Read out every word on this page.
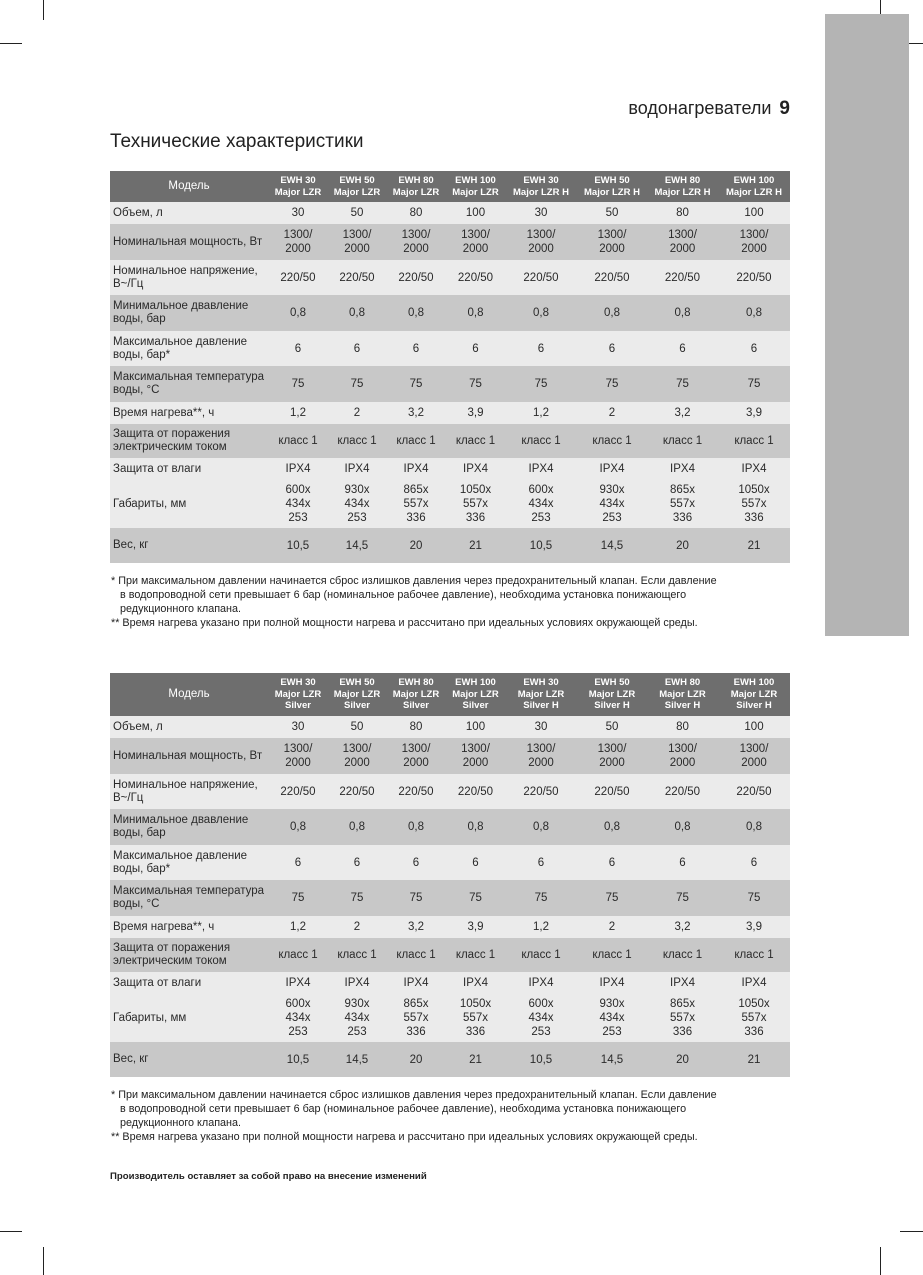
водонагреватели 9
Технические характеристики
Модель	EWH 30
Major LZR	EWH 50
Major LZR	EWH 80
Major LZR	EWH 100
Major LZR	EWH 30
Major LZR H	EWH 50
Major LZR H	EWH 80
Major LZR H	EWH 100
Major LZR H
Объем, л	30	50	80	100	30	50	80	100
Номинальная мощность, Вт	1300/
2000	1300/
2000	1300/
2000	1300/
2000	1300/
2000	1300/
2000	1300/
2000	1300/
2000
Номинальное напряжение,
В~/Гц	220/50	220/50	220/50	220/50	220/50	220/50	220/50	220/50
Минимальное двавление
воды, бар	0,8	0,8	0,8	0,8	0,8	0,8	0,8	0,8
Максимальное давление
воды, бар*	6	6	6	6	6	6	6	6
Максимальная температура
воды, °С	75	75	75	75	75	75	75	75
Время нагрева**, ч	1,2	2	3,2	3,9	1,2	2	3,2	3,9
Защита от поражения
электрическим током	класс 1	класс 1	класс 1	класс 1	класс 1	класс 1	класс 1	класс 1
Защита от влаги	IPX4	IPX4	IPX4	IPX4	IPX4	IPX4	IPX4	IPX4
Габариты, мм	600x
434x
253	930x
434x
253	865x
557x
336	1050x
557x
336	600x
434x
253	930x
434x
253	865x
557x
336	1050x
557x
336
Вес, кг	10,5	14,5	20	21	10,5	14,5	20	21

* При максимальном давлении начинается сброс излишков давления через предохранительный клапан. Если давление

в водопроводной сети превышает 6 бар (номинальное рабочее давление), необходима установка понижающего

редукционного клапана.

** Время нагрева указано при полной мощности нагрева и рассчитано при идеальных условиях окружающей среды.

Модель	EWH 30
Major LZR
Silver	EWH 50
Major LZR
Silver	EWH 80
Major LZR
Silver	EWH 100
Major LZR
Silver	EWH 30
Major LZR
Silver H	EWH 50
Major LZR
Silver H	EWH 80
Major LZR
Silver H	EWH 100
Major LZR
Silver H
Объем, л	30	50	80	100	30	50	80	100
Номинальная мощность, Вт	1300/
2000	1300/
2000	1300/
2000	1300/
2000	1300/
2000	1300/
2000	1300/
2000	1300/
2000
Номинальное напряжение,
В~/Гц	220/50	220/50	220/50	220/50	220/50	220/50	220/50	220/50
Минимальное двавление
воды, бар	0,8	0,8	0,8	0,8	0,8	0,8	0,8	0,8
Максимальное давление
воды, бар*	6	6	6	6	6	6	6	6
Максимальная температура
воды, °С	75	75	75	75	75	75	75	75
Время нагрева**, ч	1,2	2	3,2	3,9	1,2	2	3,2	3,9
Защита от поражения
электрическим током	класс 1	класс 1	класс 1	класс 1	класс 1	класс 1	класс 1	класс 1
Защита от влаги	IPX4	IPX4	IPX4	IPX4	IPX4	IPX4	IPX4	IPX4
Габариты, мм	600x
434x
253	930x
434x
253	865x
557x
336	1050x
557x
336	600x
434x
253	930x
434x
253	865x
557x
336	1050x
557x
336
Вес, кг	10,5	14,5	20	21	10,5	14,5	20	21

* При максимальном давлении начинается сброс излишков давления через предохранительный клапан. Если давление

в водопроводной сети превышает 6 бар (номинальное рабочее давление), необходима установка понижающего

редукционного клапана.

** Время нагрева указано при полной мощности нагрева и рассчитано при идеальных условиях окружающей среды.

Производитель оставляет за собой право на внесение изменений
